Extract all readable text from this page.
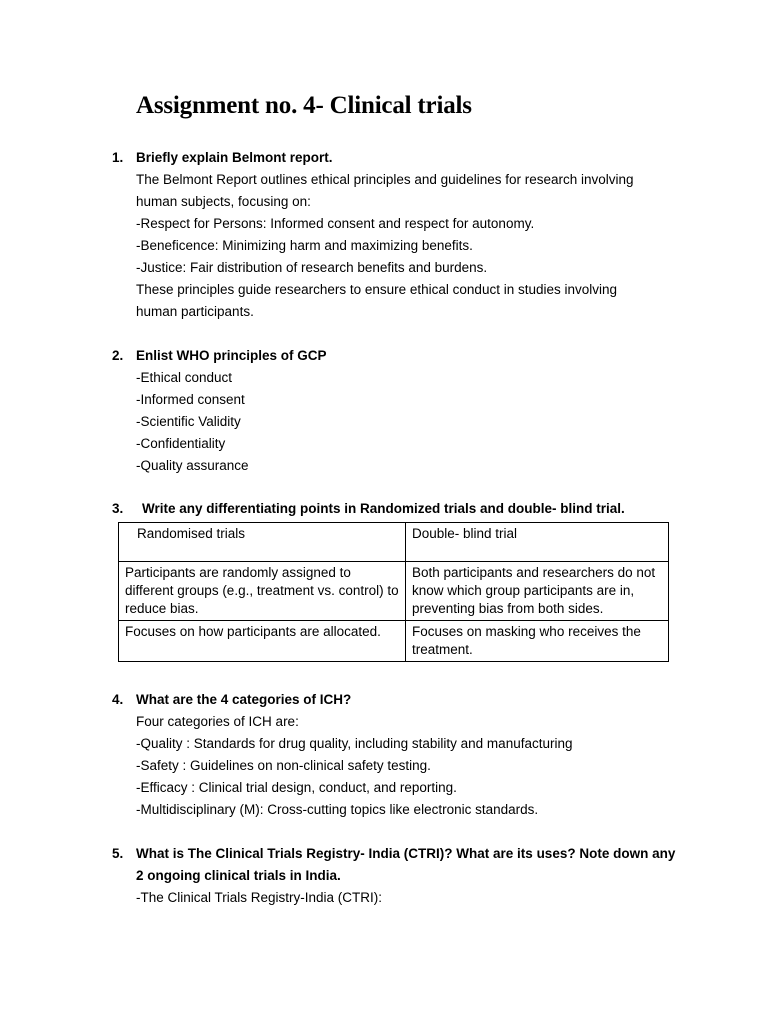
Assignment no. 4- Clinical trials
1. Briefly explain Belmont report.
The Belmont Report outlines ethical principles and guidelines for research involving
human subjects, focusing on:
-Respect for Persons: Informed consent and respect for autonomy.
-Beneficence: Minimizing harm and maximizing benefits.
-Justice: Fair distribution of research benefits and burdens.
These principles guide researchers to ensure ethical conduct in studies involving
human participants.
2. Enlist WHO principles of GCP
-Ethical conduct
-Informed consent
-Scientific Validity
-Confidentiality
-Quality assurance
3. Write any differentiating points in Randomized trials and double- blind trial.
Randomised trials	Double- blind trial
Participants are randomly assigned to different groups (e.g., treatment vs. control) to reduce bias.	Both participants and researchers do not know which group participants are in, preventing bias from both sides.
Focuses on how participants are allocated.	Focuses on masking who receives the treatment.
4. What are the 4 categories of ICH?
Four categories of ICH are:
-Quality : Standards for drug quality, including stability and manufacturing
-Safety : Guidelines on non-clinical safety testing.
-Efficacy : Clinical trial design, conduct, and reporting.
-Multidisciplinary (M): Cross-cutting topics like electronic standards.
5. What is The Clinical Trials Registry- India (CTRI)? What are its uses? Note down any 2 ongoing clinical trials in India.
-The Clinical Trials Registry-India (CTRI):
